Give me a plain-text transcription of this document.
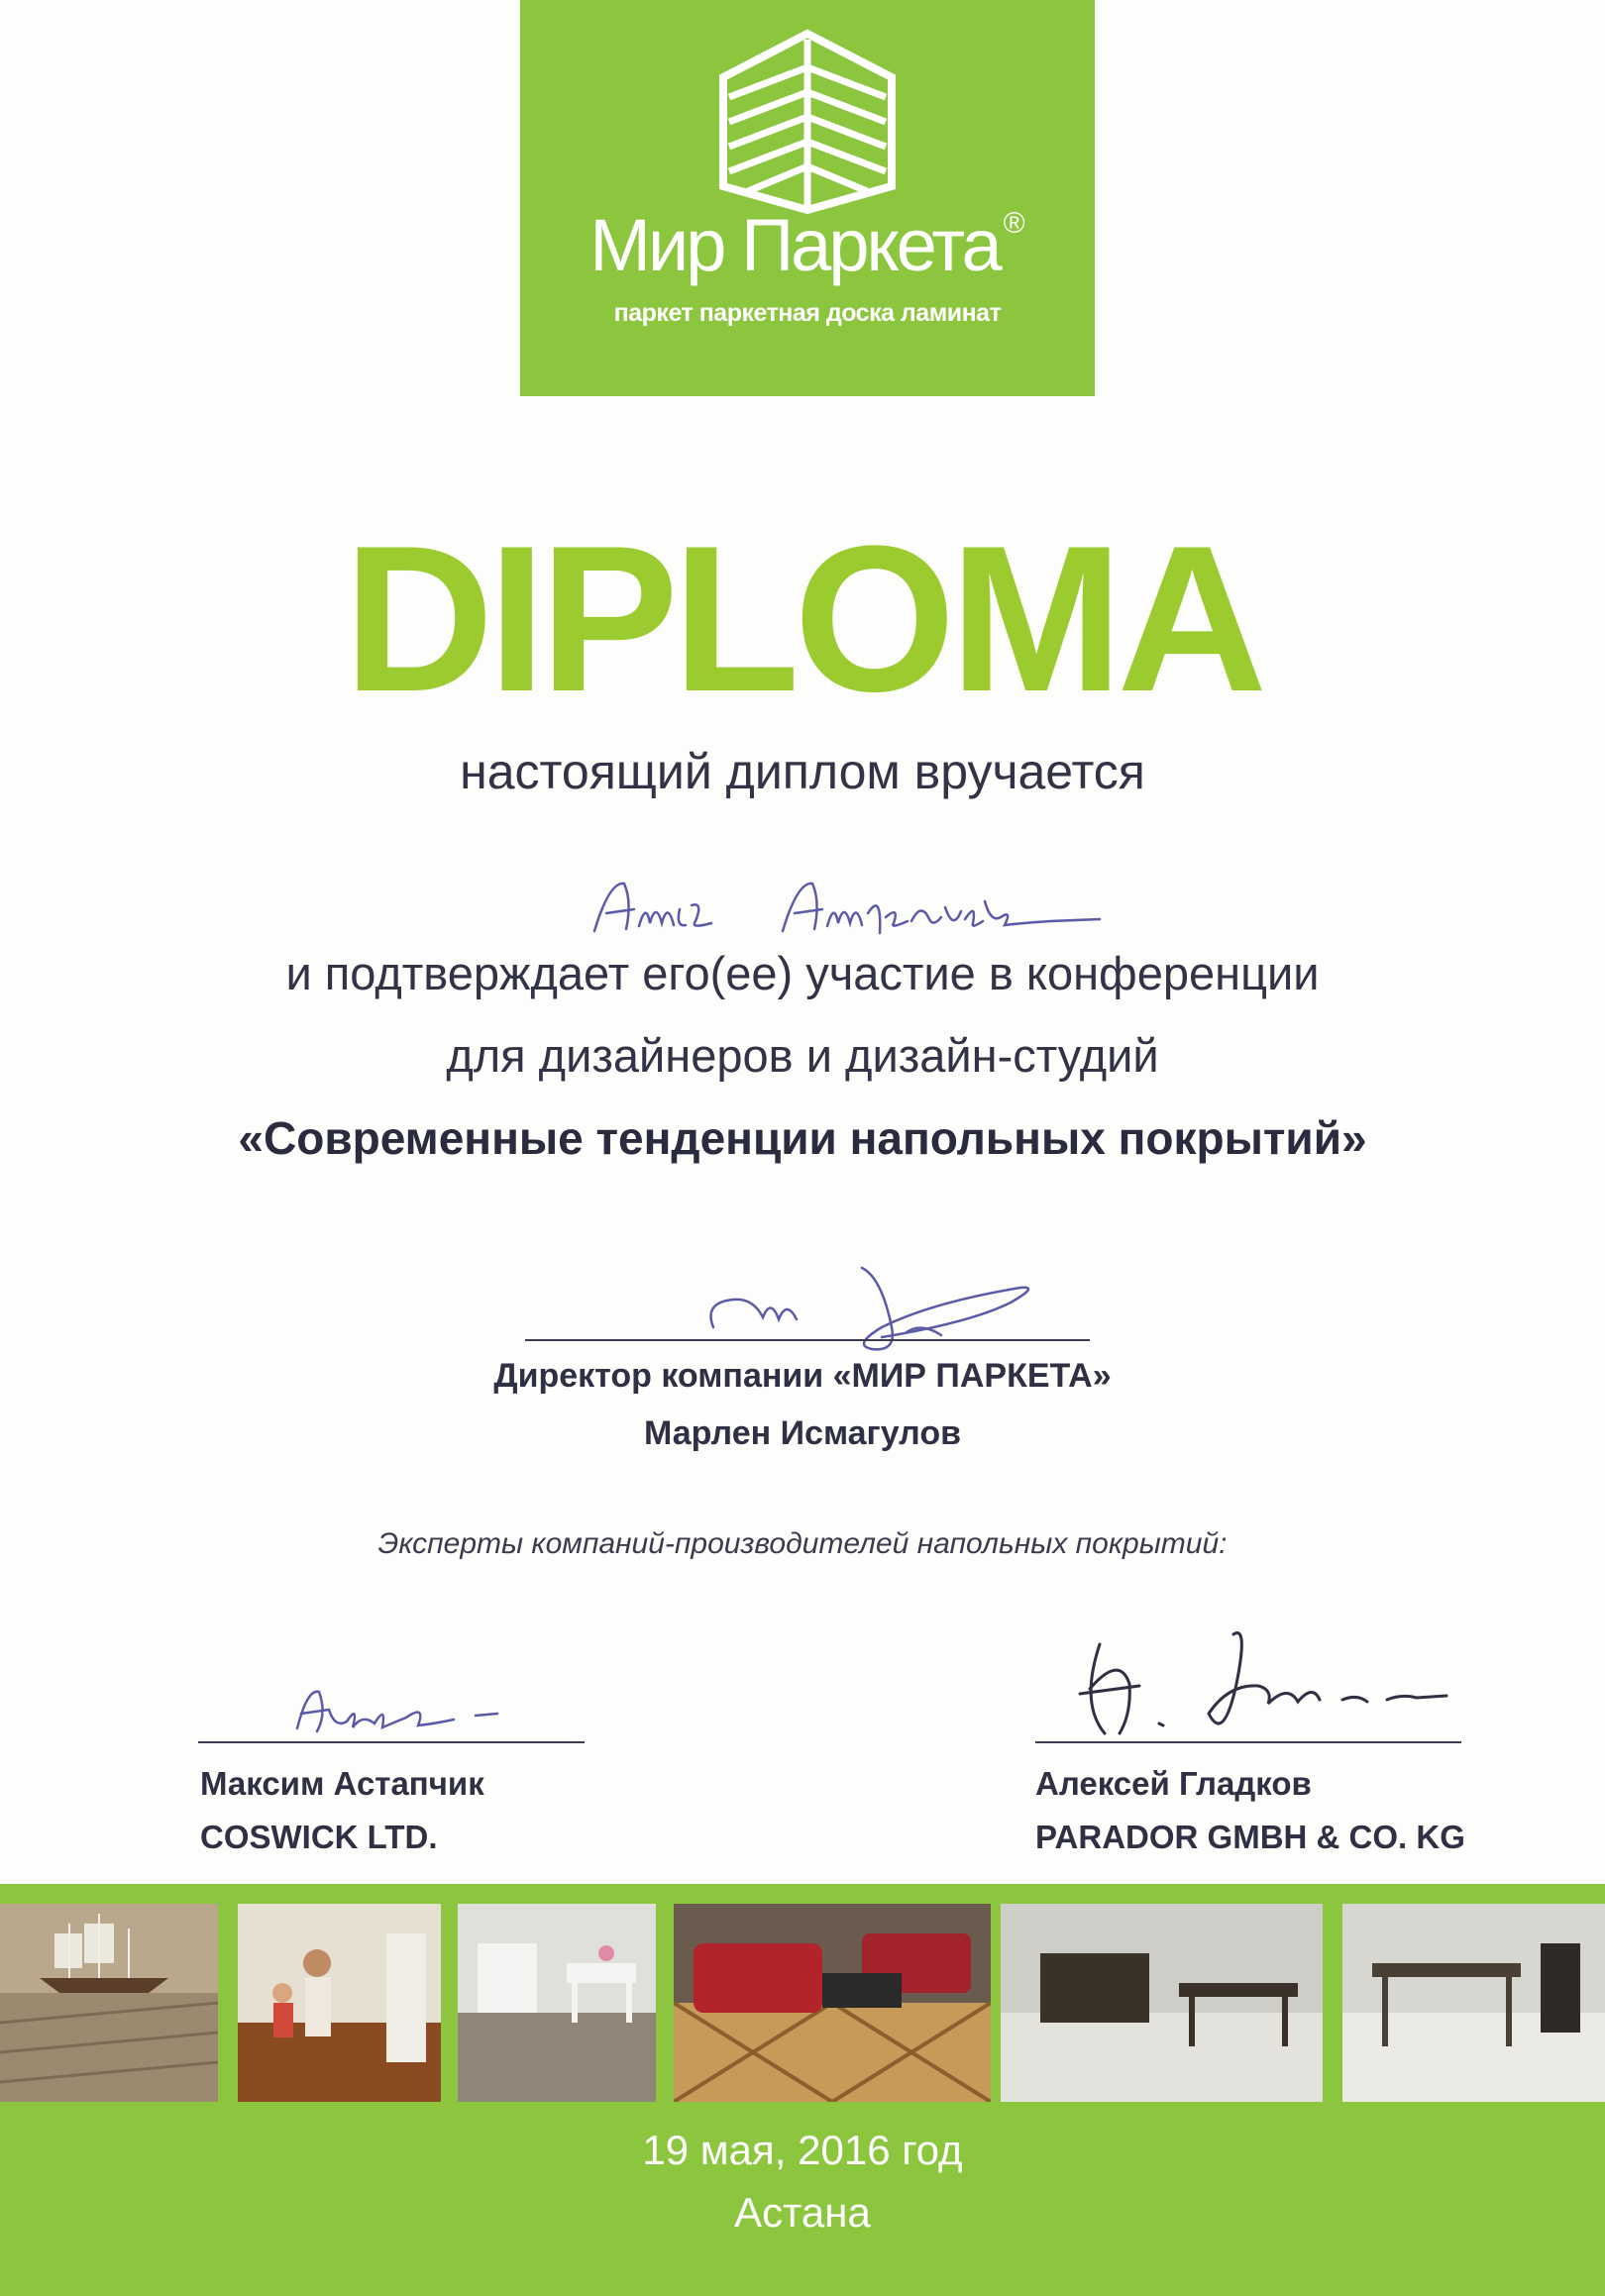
Мир Паркета ®
паркет паркетная доска ламинат
DIPLOMA
настоящий диплом вручается
и подтверждает его(ее) участие в конференции
для дизайнеров и дизайн-студий
«Современные тенденции напольных покрытий»
Директор компании «МИР ПАРКЕТА»
Марлен Исмагулов
Эксперты компаний-производителей напольных покрытий:
Максим Астапчик
COSWICK LTD.
Алексей Гладков
PARADOR GMBH & CO. KG
19 мая, 2016 год
Астана
